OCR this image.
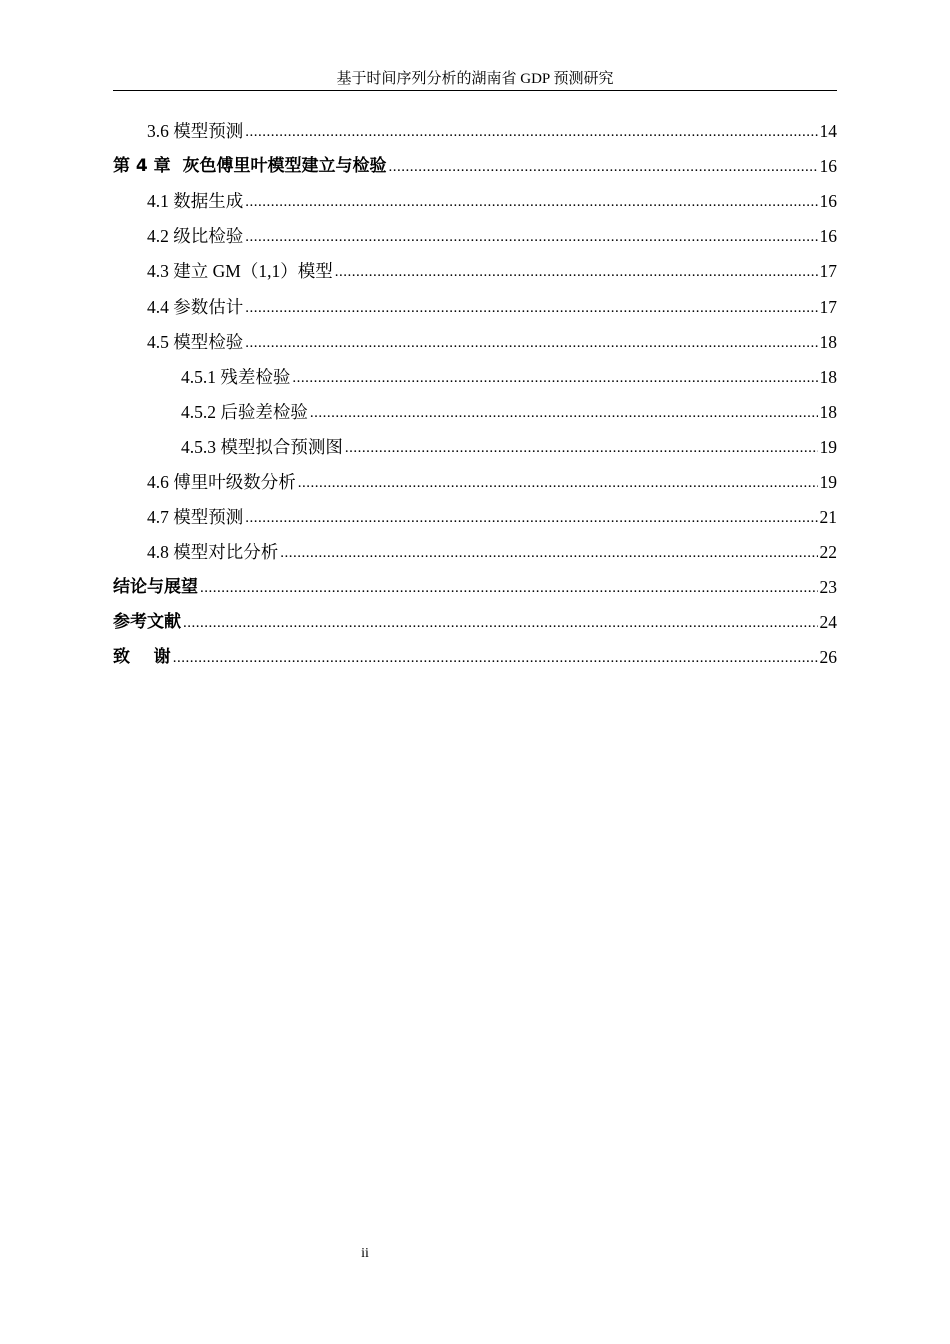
基于时间序列分析的湖南省 GDP 预测研究
3.6 模型预测 .....	14
第 4 章  灰色傅里叶模型建立与检验 .....	16
4.1 数据生成 .....	16
4.2 级比检验 .....	16
4.3 建立 GM（1,1）模型 .....	17
4.4 参数估计 .....	17
4.5 模型检验 .....	18
4.5.1 残差检验 .....	18
4.5.2 后验差检验 .....	18
4.5.3 模型拟合预测图 .....	19
4.6 傅里叶级数分析 .....	19
4.7 模型预测 .....	21
4.8 模型对比分析 .....	22
结论与展望 .....	23
参考文献 .....	24
致    谢 .....	26
ii
